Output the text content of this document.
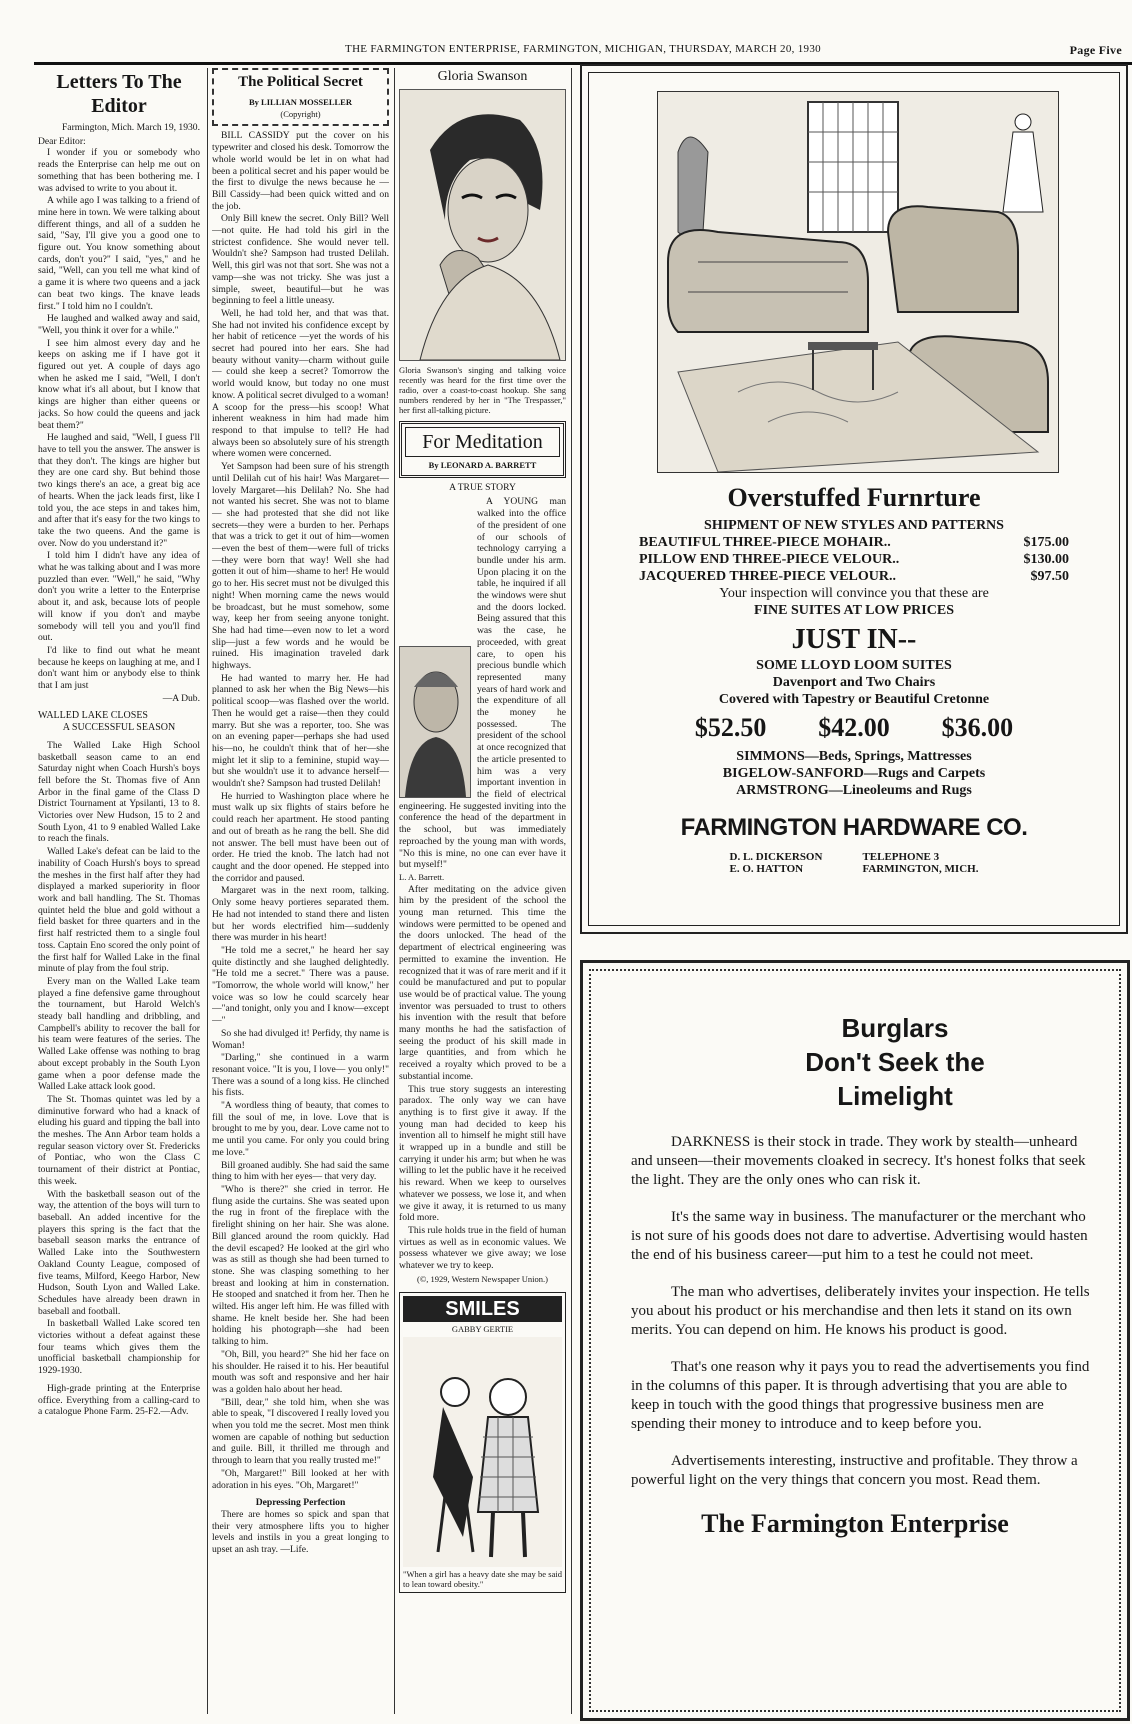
THE FARMINGTON ENTERPRISE, FARMINGTON, MICHIGAN, THURSDAY, MARCH 20, 1930	Page Five
Letters To The Editor
Farmington, Mich. March 19, 1930.
Dear Editor:

I wonder if you or somebody who reads the Enterprise can help me out on something that has been bothering me. I was advised to write to you about it.

A while ago I was talking to a friend of mine here in town. We were talking about different things, and all of a sudden he said, "Say, I'll give you a good one to figure out. You know something about cards, don't you?" I said, "yes," and he said, "Well, can you tell me what kind of a game it is where two queens and a jack can beat two kings. The knave leads first." I told him no I couldn't.

He laughed and walked away and said, "Well, you think it over for a while."

I see him almost every day and he keeps on asking me if I have got it figured out yet. A couple of days ago when he asked me I said, "Well, I don't know what it's all about, but I know that kings are higher than either queens or jacks. So how could the queens and jack beat them?"

He laughed and said, "Well, I guess I'll have to tell you the answer. The answer is that they don't. The kings are higher but they are one card shy. But behind those two kings there's an ace, a great big ace of hearts. When the jack leads first, like I told you, the ace steps in and takes him, and after that it's easy for the two kings to take the two queens. And the game is over. Now do you understand it?"

I told him I didn't have any idea of what he was talking about and I was more puzzled than ever. "Well," he said, "Why don't you write a letter to the Enterprise about it, and ask, because lots of people will know if you don't and maybe somebody will tell you and you'll find out.

I'd like to find out what he meant because he keeps on laughing at me, and I don't want him or anybody else to think that I am just

—A Dub.
WALLED LAKE CLOSES
A SUCCESSFUL SEASON

The Walled Lake High School basketball season came to an end Saturday night when Coach Hursh's boys fell before the St. Thomas five of Ann Arbor in the final game of the Class D District Tournament at Ypsilanti, 13 to 8. Victories over New Hudson, 15 to 2 and South Lyon, 41 to 9 enabled Walled Lake to reach the finals.

Walled Lake's defeat can be laid to the inability of Coach Hursh's boys to spread the meshes in the first half after they had displayed a marked superiority in floor work and ball handling. The St. Thomas quintet held the blue and gold without a field basket for three quarters and in the first half restricted them to a single foul toss. Captain Eno scored the only point of the first half for Walled Lake in the final minute of play from the foul strip.

Every man on the Walled Lake team played a fine defensive game throughout the tournament, but Harold Welch's steady ball handling and dribbling, and Campbell's ability to recover the ball for his team were features of the series. The Walled Lake offense was nothing to brag about except probably in the South Lyon game when a poor defense made the Walled Lake attack look good.

The St. Thomas quintet was led by a diminutive forward who had a knack of eluding his guard and tipping the ball into the meshes. The Ann Arbor team holds a regular season victory over St. Fredericks of Pontiac, who won the Class C tournament of their district at Pontiac, this week.

With the basketball season out of the way, the attention of the boys will turn to baseball. An added incentive for the players this spring is the fact that the baseball season marks the entrance of Walled Lake into the Southwestern Oakland County League, composed of five teams, Milford, Keego Harbor, New Hudson, South Lyon and Walled Lake. Schedules have already been drawn in baseball and football.

In basketball Walled Lake scored ten victories without a defeat against these four teams which gives them the unofficial basketball championship for 1929-1930.

High-grade printing at the Enterprise office. Everything from a calling-card to a catalogue Phone Farm. 25-F2.—Adv.

The Political Secret
By LILLIAN MOSSELLER
(Copyright)

BILL CASSIDY put the cover on his typewriter and closed his desk. Tomorrow the whole world would be let in on what had been a political secret and his paper would be the first to divulge the news because he —Bill Cassidy—had been quick witted and on the job.

Only Bill knew the secret. Only Bill? Well—not quite. He had told his girl in the strictest confidence. She would never tell. Wouldn't she? Sampson had trusted Delilah. Well, this girl was not that sort. She was not a vamp—she was not tricky. She was just a simple, sweet, beautiful—but he was beginning to feel a little uneasy.

Well, he had told her, and that was that. She had not invited his confidence except by her habit of reticence —yet the words of his secret had poured into her ears. She had beauty without vanity—charm without guile— could she keep a secret? Tomorrow the world would know, but today no one must know. A political secret divulged to a woman! A scoop for the press—his scoop! What inherent weakness in him had made him respond to that impulse to tell? He had always been so absolutely sure of his strength where women were concerned.

Yet Sampson had been sure of his strength until Delilah cut of his hair! Was Margaret—lovely Margaret—his Delilah? No. She had not wanted his secret. She was not to blame— she had protested that she did not like secrets—they were a burden to her. Perhaps that was a trick to get it out of him—women—even the best of them—were full of tricks—they were born that way! Well she had gotten it out of him—shame to her! He would go to her. His secret must not be divulged this night! When morning came the news would be broadcast, but he must somehow, some way, keep her from seeing anyone tonight. She had had time—even now to let a word slip—just a few words and he would be ruined. His imagination traveled dark highways.

He had wanted to marry her. He had planned to ask her when the Big News—his political scoop—was flashed over the world. Then he would get a raise—then they could marry. But she was a reporter, too. She was on an evening paper—perhaps she had used his—no, he couldn't think that of her—she might let it slip to a feminine, stupid way—but she wouldn't use it to advance herself—wouldn't she? Sampson had trusted Delilah!

He hurried to Washington place where he must walk up six flights of stairs before he could reach her apartment. He stood panting and out of breath as he rang the bell. She did not answer. The bell must have been out of order. He tried the knob. The latch had not caught and the door opened. He stepped into the corridor and paused.

Margaret was in the next room, talking. Only some heavy portieres separated them. He had not intended to stand there and listen but her words electrified him—suddenly there was murder in his heart!

"He told me a secret," he heard her say quite distinctly and she laughed delightedly. "He told me a secret." There was a pause. "Tomorrow, the whole world will know," her voice was so low he could scarcely hear—"and tonight, only you and I know—except—"

So she had divulged it! Perfidy, thy name is Woman!

"Darling," she continued in a warm resonant voice. "It is you, I love— you only!" There was a sound of a long kiss. He clinched his fists.

"A wordless thing of beauty, that comes to fill the soul of me, in love. Love that is brought to me by you, dear. Love came not to me until you came. For only you could bring me love."

Bill groaned audibly. She had said the same thing to him with her eyes— that very day.

"Who is there?" she cried in terror. He flung aside the curtains. She was seated upon the rug in front of the fireplace with the firelight shining on her hair. She was alone. Bill glanced around the room quickly. Had the devil escaped? He looked at the girl who was as still as though she had been turned to stone. She was clasping something to her breast and looking at him in consternation. He stooped and snatched it from her. Then he wilted. His anger left him. He was filled with shame. He knelt beside her. She had been holding his photograph—she had been talking to him.

"Oh, Bill, you heard?" She hid her face on his shoulder. He raised it to his. Her beautiful mouth was soft and responsive and her hair was a golden halo about her head.

"Bill, dear," she told him, when she was able to speak, "I discovered I really loved you when you told me the secret. Most men think women are capable of nothing but seduction and guile. Bill, it thrilled me through and through to learn that you really trusted me!"

"Oh, Margaret!" Bill looked at her with adoration in his eyes. "Oh, Margaret!"

Depressing Perfection

There are homes so spick and span that their very atmosphere lifts you to higher levels and instils in you a great longing to upset an ash tray. —Life.

Gloria Swanson
Gloria Swanson's singing and talking voice recently was heard for the first time over the radio, over a coast-to-coast hookup. She sang numbers rendered by her in "The Trespasser," her first all-talking picture.
For Meditation
By LEONARD A. BARRETT
A TRUE STORY

A YOUNG man walked into the office of the president of one of our schools of technology carrying a bundle under his arm. Upon placing it on the table, he inquired if all the windows were shut and the doors locked. Being assured that this was the case, he proceeded, with great care, to open his precious bundle which represented many years of hard work and the expenditure of all the money he possessed. The president of the school at once recognized that the article presented to him was a very important invention in the field of electrical engineering. He suggested inviting into the conference the head of the department in the school, but was immediately reproached by the young man with words, "No this is mine, no one can ever have it but myself!"

L. A. Barrett.

After meditating on the advice given him by the president of the school the young man returned. This time the windows were permitted to be opened and the doors unlocked. The head of the department of electrical engineering was permitted to examine the invention. He recognized that it was of rare merit and if it could be manufactured and put to popular use would be of practical value. The young inventor was persuaded to trust to others his invention with the result that before many months he had the satisfaction of seeing the product of his skill made in large quantities, and from which he received a royalty which proved to be a substantial income.

This true story suggests an interesting paradox. The only way we can have anything is to first give it away. If the young man had decided to keep his invention all to himself he might still have it wrapped up in a bundle and still be carrying it under his arm; but when he was willing to let the public have it he received his reward. When we keep to ourselves whatever we possess, we lose it, and when we give it away, it is returned to us many fold more.

This rule holds true in the field of human virtues as well as in economic values. We possess whatever we give away; we lose whatever we try to keep.

(©, 1929, Western Newspaper Union.)
SMILES
GABBY GERTIE
"When a girl has a heavy date she may be said to lean toward obesity."
Overstuffed Furnrture
SHIPMENT OF NEW STYLES AND PATTERNS
BEAUTIFUL THREE-PIECE MOHAIR..	$175.00
PILLOW END THREE-PIECE VELOUR..	$130.00
JACQUERED THREE-PIECE VELOUR..	$97.50
Your inspection will convince you that these are
FINE SUITES AT LOW PRICES
JUST IN--
SOME LLOYD LOOM SUITES
Davenport and Two Chairs
Covered with Tapestry or Beautiful Cretonne
$52.50 $42.00 $36.00
SIMMONS—Beds, Springs, Mattresses
BIGELOW-SANFORD—Rugs and Carpets
ARMSTRONG—Lineoleums and Rugs
FARMINGTON HARDWARE CO.
D. L. DICKERSON
E. O. HATTON
TELEPHONE 3
FARMINGTON, MICH.
Burglars
Don't Seek the
Limelight

DARKNESS is their stock in trade. They work by stealth—unheard and unseen—their movements cloaked in secrecy. It's honest folks that seek the light. They are the only ones who can risk it.

It's the same way in business. The manufacturer or the merchant who is not sure of his goods does not dare to advertise. Advertising would hasten the end of his business career—put him to a test he could not meet.

The man who advertises, deliberately invites your inspection. He tells you about his product or his merchandise and then lets it stand on its own merits. You can depend on him. He knows his product is good.

That's one reason why it pays you to read the advertisements you find in the columns of this paper. It is through advertising that you are able to keep in touch with the good things that progressive business men are spending their money to introduce and to keep before you.

Advertisements interesting, instructive and profitable. They throw a powerful light on the very things that concern you most. Read them.

The Farmington Enterprise
